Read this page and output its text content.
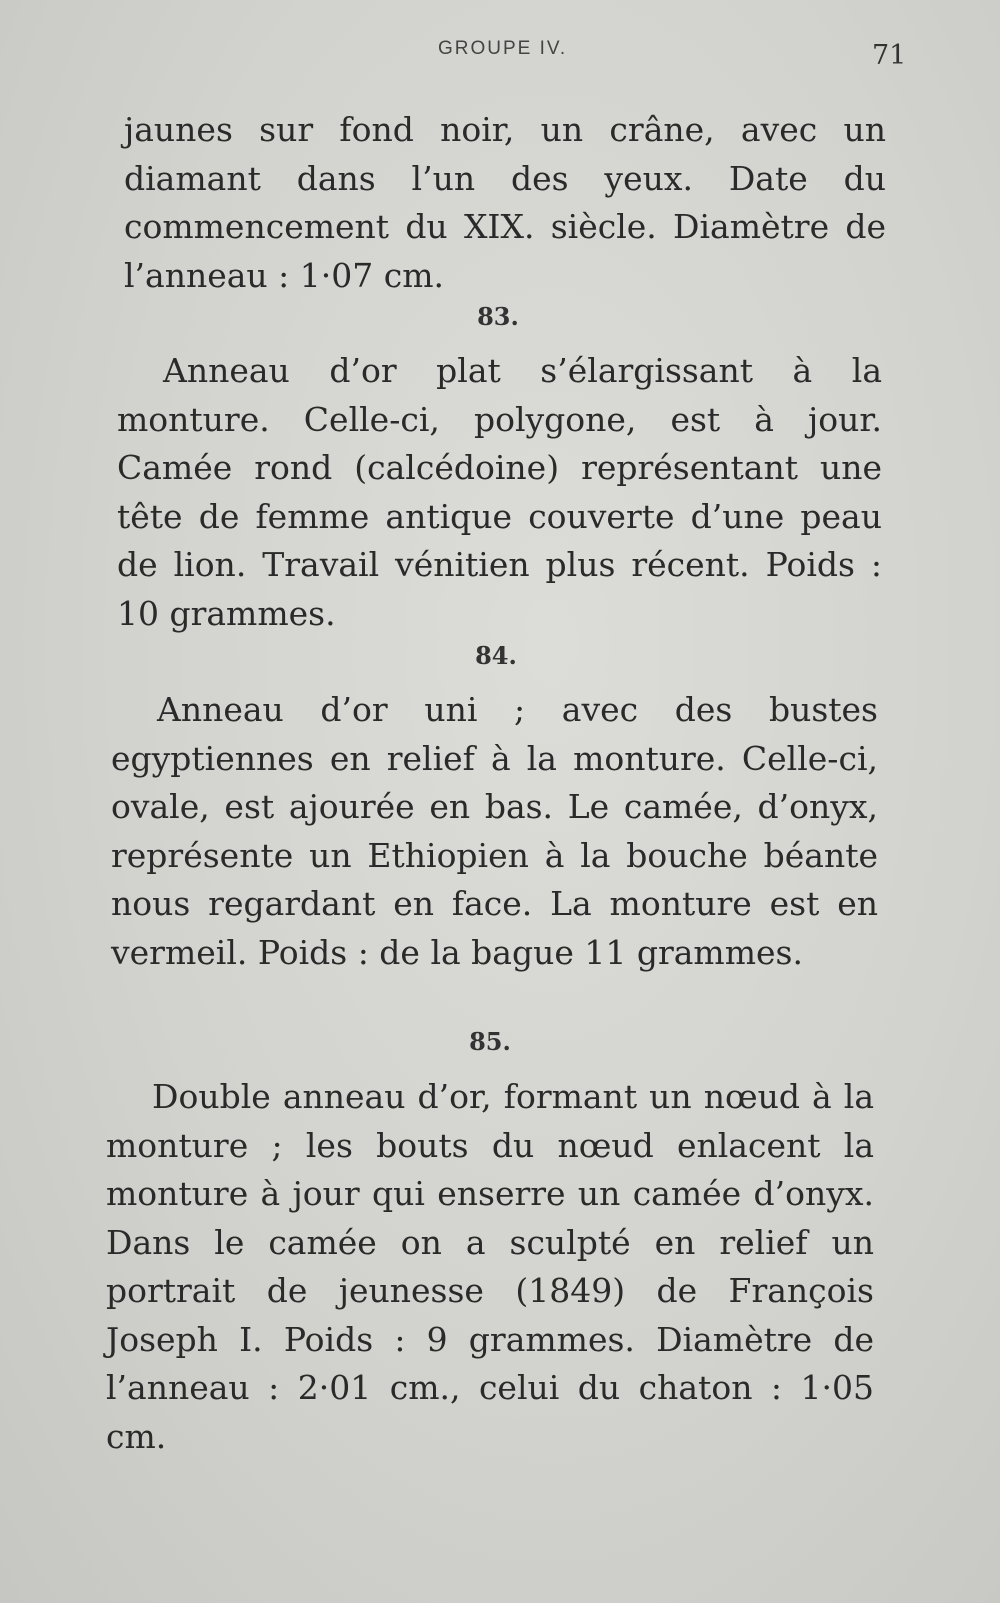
GROUPE IV.	71

jaunes sur fond noir, un crâne, avec un diamant dans l’un des yeux. Date du commencement du XIX. siècle. Diamètre de l’anneau : 1·07 cm.

83.

Anneau d’or plat s’élargissant à la monture. Celle-ci, polygone, est à jour. Camée rond (calcédoine) représentant une tête de femme antique couverte d’une peau de lion. Travail vénitien plus récent. Poids : 10 grammes.

84.

Anneau d’or uni ; avec des bustes egyptiennes en relief à la monture. Celle-ci, ovale, est ajourée en bas. Le camée, d’onyx, représente un Ethiopien à la bouche béante nous regardant en face. La monture est en vermeil. Poids : de la bague 11 grammes.

85.

Double anneau d’or, formant un nœud à la monture ; les bouts du nœud enlacent la monture à jour qui enserre un camée d’onyx. Dans le camée on a sculpté en relief un portrait de jeunesse (1849) de François Joseph I. Poids : 9 grammes. Diamètre de l’anneau : 2·01 cm., celui du chaton : 1·05 cm.
